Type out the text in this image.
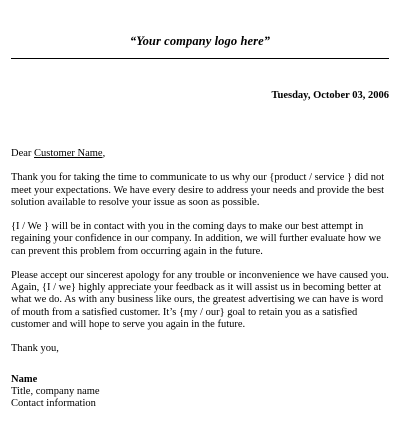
“Your company logo here”
Tuesday, October 03, 2006

Dear Customer Name,

Thank you for taking the time to communicate to us why our {product / service } did not meet your expectations. We have every desire to address your needs and provide the best solution available to resolve your issue as soon as possible.

{I / We } will be in contact with you in the coming days to make our best attempt in regaining your confidence in our company. In addition, we will further evaluate how we can prevent this problem from occurring again in the future.

Please accept our sincerest apology for any trouble or inconvenience we have caused you. Again, {I / we} highly appreciate your feedback as it will assist us in becoming better at what we do. As with any business like ours, the greatest advertising we can have is word of mouth from a satisfied customer. It’s {my / our} goal to retain you as a satisfied customer and will hope to serve you again in the future.

Thank you,

Name
Title, company name
Contact information
